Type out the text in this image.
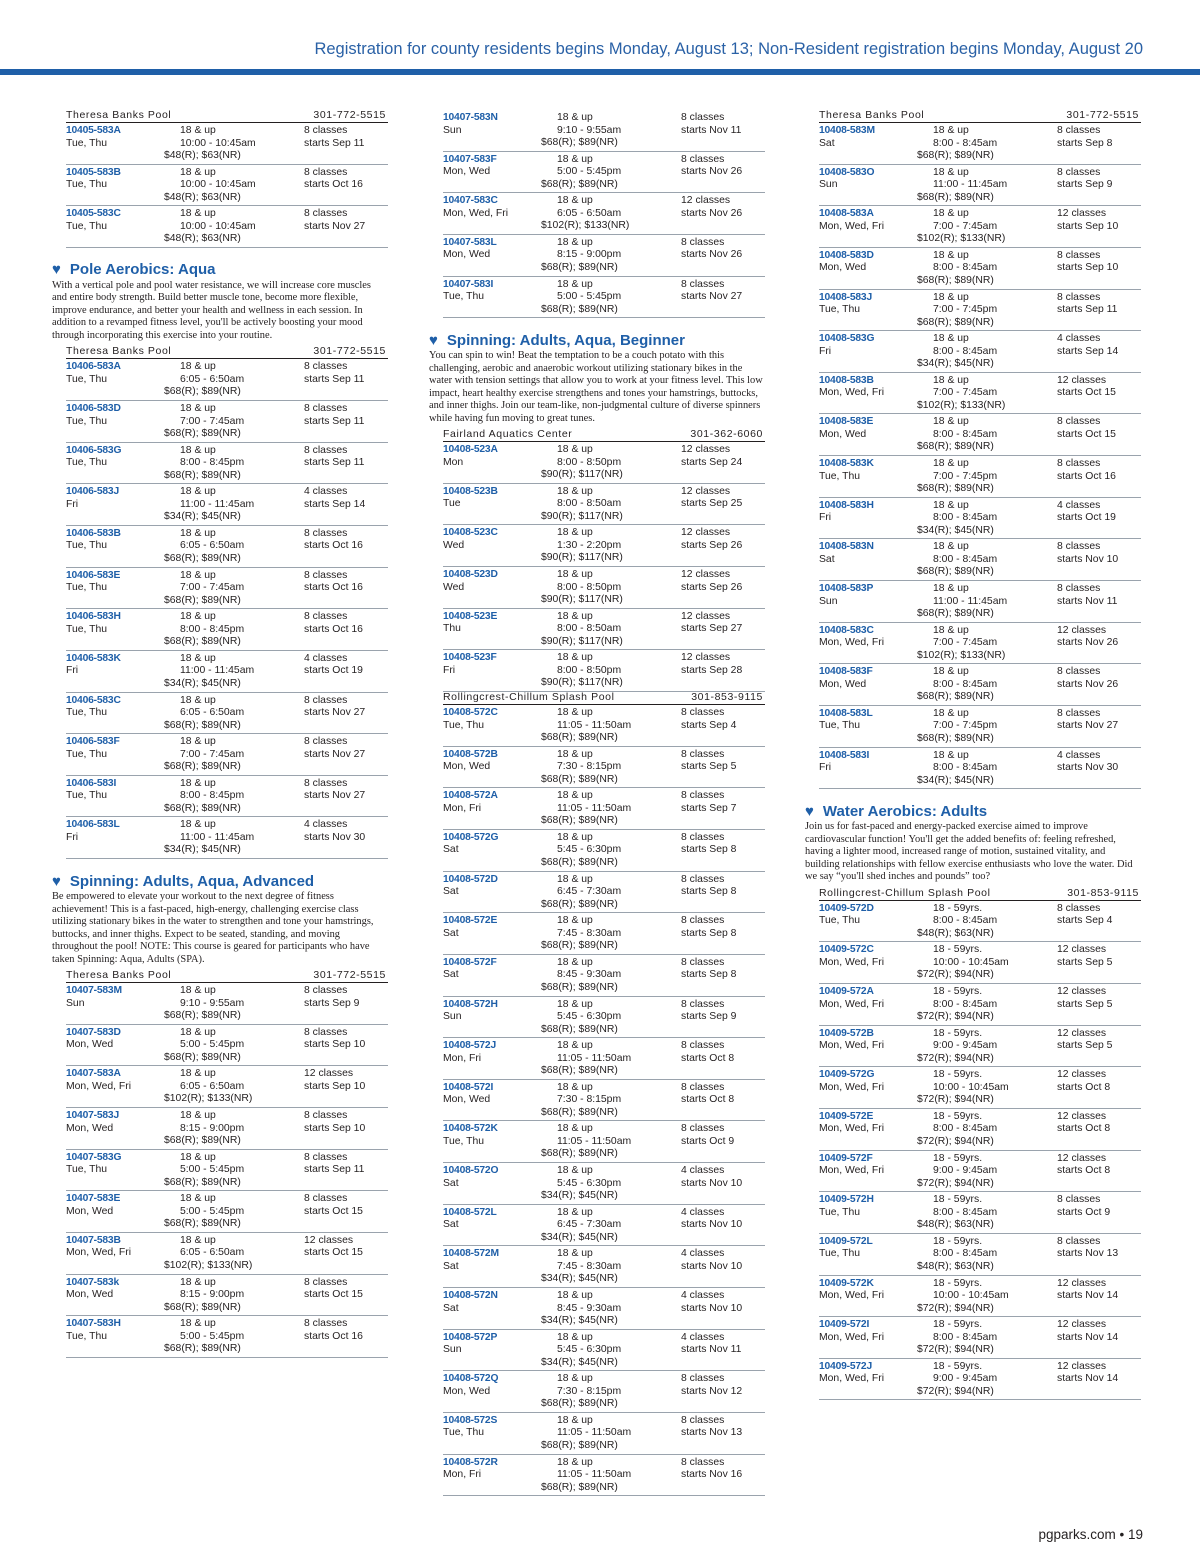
Registration for county residents begins Monday, August 13; Non-Resident registration begins Monday, August 20
Theresa Banks Pool	301-772-5515
10405-583A
Tue, Thu
18 & up
10:00 - 10:45am
$48(R); $63(NR)
8 classes
starts Sep 11
10405-583B
Tue, Thu
18 & up
10:00 - 10:45am
$48(R); $63(NR)
8 classes
starts Oct 16
10405-583C
Tue, Thu
18 & up
10:00 - 10:45am
$48(R); $63(NR)
8 classes
starts Nov 27
♥ Pole Aerobics: Aqua

With a vertical pole and pool water resistance, we will increase core muscles and entire body strength. Build better muscle tone, become more flexible, improve endurance, and better your health and wellness in each session. In addition to a revamped fitness level, you'll be actively boosting your mood through incorporating this exercise into your routine.

Theresa Banks Pool	301-772-5515
10406-583A
Tue, Thu
18 & up
6:05 - 6:50am
$68(R); $89(NR)
8 classes
starts Sep 11
10406-583D
Tue, Thu
18 & up
7:00 - 7:45am
$68(R); $89(NR)
8 classes
starts Sep 11
10406-583G
Tue, Thu
18 & up
8:00 - 8:45pm
$68(R); $89(NR)
8 classes
starts Sep 11
10406-583J
Fri
18 & up
11:00 - 11:45am
$34(R); $45(NR)
4 classes
starts Sep 14
10406-583B
Tue, Thu
18 & up
6:05 - 6:50am
$68(R); $89(NR)
8 classes
starts Oct 16
10406-583E
Tue, Thu
18 & up
7:00 - 7:45am
$68(R); $89(NR)
8 classes
starts Oct 16
10406-583H
Tue, Thu
18 & up
8:00 - 8:45pm
$68(R); $89(NR)
8 classes
starts Oct 16
10406-583K
Fri
18 & up
11:00 - 11:45am
$34(R); $45(NR)
4 classes
starts Oct 19
10406-583C
Tue, Thu
18 & up
6:05 - 6:50am
$68(R); $89(NR)
8 classes
starts Nov 27
10406-583F
Tue, Thu
18 & up
7:00 - 7:45am
$68(R); $89(NR)
8 classes
starts Nov 27
10406-583I
Tue, Thu
18 & up
8:00 - 8:45pm
$68(R); $89(NR)
8 classes
starts Nov 27
10406-583L
Fri
18 & up
11:00 - 11:45am
$34(R); $45(NR)
4 classes
starts Nov 30
♥ Spinning: Adults, Aqua, Advanced

Be empowered to elevate your workout to the next degree of fitness achievement! This is a fast-paced, high-energy, challenging exercise class utilizing stationary bikes in the water to strengthen and tone your hamstrings, buttocks, and inner thighs. Expect to be seated, standing, and moving throughout the pool! NOTE: This course is geared for participants who have taken Spinning: Aqua, Adults (SPA).

Theresa Banks Pool	301-772-5515
10407-583M
Sun
18 & up
9:10 - 9:55am
$68(R); $89(NR)
8 classes
starts Sep 9
10407-583D
Mon, Wed
18 & up
5:00 - 5:45pm
$68(R); $89(NR)
8 classes
starts Sep 10
10407-583A
Mon, Wed, Fri
18 & up
6:05 - 6:50am
$102(R); $133(NR)
12 classes
starts Sep 10
10407-583J
Mon, Wed
18 & up
8:15 - 9:00pm
$68(R); $89(NR)
8 classes
starts Sep 10
10407-583G
Tue, Thu
18 & up
5:00 - 5:45pm
$68(R); $89(NR)
8 classes
starts Sep 11
10407-583E
Mon, Wed
18 & up
5:00 - 5:45pm
$68(R); $89(NR)
8 classes
starts Oct 15
10407-583B
Mon, Wed, Fri
18 & up
6:05 - 6:50am
$102(R); $133(NR)
12 classes
starts Oct 15
10407-583k
Mon, Wed
18 & up
8:15 - 9:00pm
$68(R); $89(NR)
8 classes
starts Oct 15
10407-583H
Tue, Thu
18 & up
5:00 - 5:45pm
$68(R); $89(NR)
8 classes
starts Oct 16
10407-583N
Sun
18 & up
9:10 - 9:55am
$68(R); $89(NR)
8 classes
starts Nov 11
10407-583F
Mon, Wed
18 & up
5:00 - 5:45pm
$68(R); $89(NR)
8 classes
starts Nov 26
10407-583C
Mon, Wed, Fri
18 & up
6:05 - 6:50am
$102(R); $133(NR)
12 classes
starts Nov 26
10407-583L
Mon, Wed
18 & up
8:15 - 9:00pm
$68(R); $89(NR)
8 classes
starts Nov 26
10407-583I
Tue, Thu
18 & up
5:00 - 5:45pm
$68(R); $89(NR)
8 classes
starts Nov 27
♥ Spinning: Adults, Aqua, Beginner

You can spin to win! Beat the temptation to be a couch potato with this challenging, aerobic and anaerobic workout utilizing stationary bikes in the water with tension settings that allow you to work at your fitness level. This low impact, heart healthy exercise strengthens and tones your hamstrings, buttocks, and inner thighs. Join our team-like, non-judgmental culture of diverse spinners while having fun moving to great tunes.

Fairland Aquatics Center	301-362-6060
10408-523A
Mon
18 & up
8:00 - 8:50pm
$90(R); $117(NR)
12 classes
starts Sep 24
10408-523B
Tue
18 & up
8:00 - 8:50am
$90(R); $117(NR)
12 classes
starts Sep 25
10408-523C
Wed
18 & up
1:30 - 2:20pm
$90(R); $117(NR)
12 classes
starts Sep 26
10408-523D
Wed
18 & up
8:00 - 8:50pm
$90(R); $117(NR)
12 classes
starts Sep 26
10408-523E
Thu
18 & up
8:00 - 8:50am
$90(R); $117(NR)
12 classes
starts Sep 27
10408-523F
Fri
18 & up
8:00 - 8:50pm
$90(R); $117(NR)
12 classes
starts Sep 28
Rollingcrest-Chillum Splash Pool	301-853-9115
10408-572C
Tue, Thu
18 & up
11:05 - 11:50am
$68(R); $89(NR)
8 classes
starts Sep 4
10408-572B
Mon, Wed
18 & up
7:30 - 8:15pm
$68(R); $89(NR)
8 classes
starts Sep 5
10408-572A
Mon, Fri
18 & up
11:05 - 11:50am
$68(R); $89(NR)
8 classes
starts Sep 7
10408-572G
Sat
18 & up
5:45 - 6:30pm
$68(R); $89(NR)
8 classes
starts Sep 8
10408-572D
Sat
18 & up
6:45 - 7:30am
$68(R); $89(NR)
8 classes
starts Sep 8
10408-572E
Sat
18 & up
7:45 - 8:30am
$68(R); $89(NR)
8 classes
starts Sep 8
10408-572F
Sat
18 & up
8:45 - 9:30am
$68(R); $89(NR)
8 classes
starts Sep 8
10408-572H
Sun
18 & up
5:45 - 6:30pm
$68(R); $89(NR)
8 classes
starts Sep 9
10408-572J
Mon, Fri
18 & up
11:05 - 11:50am
$68(R); $89(NR)
8 classes
starts Oct 8
10408-572I
Mon, Wed
18 & up
7:30 - 8:15pm
$68(R); $89(NR)
8 classes
starts Oct 8
10408-572K
Tue, Thu
18 & up
11:05 - 11:50am
$68(R); $89(NR)
8 classes
starts Oct 9
10408-572O
Sat
18 & up
5:45 - 6:30pm
$34(R); $45(NR)
4 classes
starts Nov 10
10408-572L
Sat
18 & up
6:45 - 7:30am
$34(R); $45(NR)
4 classes
starts Nov 10
10408-572M
Sat
18 & up
7:45 - 8:30am
$34(R); $45(NR)
4 classes
starts Nov 10
10408-572N
Sat
18 & up
8:45 - 9:30am
$34(R); $45(NR)
4 classes
starts Nov 10
10408-572P
Sun
18 & up
5:45 - 6:30pm
$34(R); $45(NR)
4 classes
starts Nov 11
10408-572Q
Mon, Wed
18 & up
7:30 - 8:15pm
$68(R); $89(NR)
8 classes
starts Nov 12
10408-572S
Tue, Thu
18 & up
11:05 - 11:50am
$68(R); $89(NR)
8 classes
starts Nov 13
10408-572R
Mon, Fri
18 & up
11:05 - 11:50am
$68(R); $89(NR)
8 classes
starts Nov 16
Theresa Banks Pool	301-772-5515
10408-583M
Sat
18 & up
8:00 - 8:45am
$68(R); $89(NR)
8 classes
starts Sep 8
10408-583O
Sun
18 & up
11:00 - 11:45am
$68(R); $89(NR)
8 classes
starts Sep 9
10408-583A
Mon, Wed, Fri
18 & up
7:00 - 7:45am
$102(R); $133(NR)
12 classes
starts Sep 10
10408-583D
Mon, Wed
18 & up
8:00 - 8:45am
$68(R); $89(NR)
8 classes
starts Sep 10
10408-583J
Tue, Thu
18 & up
7:00 - 7:45pm
$68(R); $89(NR)
8 classes
starts Sep 11
10408-583G
Fri
18 & up
8:00 - 8:45am
$34(R); $45(NR)
4 classes
starts Sep 14
10408-583B
Mon, Wed, Fri
18 & up
7:00 - 7:45am
$102(R); $133(NR)
12 classes
starts Oct 15
10408-583E
Mon, Wed
18 & up
8:00 - 8:45am
$68(R); $89(NR)
8 classes
starts Oct 15
10408-583K
Tue, Thu
18 & up
7:00 - 7:45pm
$68(R); $89(NR)
8 classes
starts Oct 16
10408-583H
Fri
18 & up
8:00 - 8:45am
$34(R); $45(NR)
4 classes
starts Oct 19
10408-583N
Sat
18 & up
8:00 - 8:45am
$68(R); $89(NR)
8 classes
starts Nov 10
10408-583P
Sun
18 & up
11:00 - 11:45am
$68(R); $89(NR)
8 classes
starts Nov 11
10408-583C
Mon, Wed, Fri
18 & up
7:00 - 7:45am
$102(R); $133(NR)
12 classes
starts Nov 26
10408-583F
Mon, Wed
18 & up
8:00 - 8:45am
$68(R); $89(NR)
8 classes
starts Nov 26
10408-583L
Tue, Thu
18 & up
7:00 - 7:45pm
$68(R); $89(NR)
8 classes
starts Nov 27
10408-583I
Fri
18 & up
8:00 - 8:45am
$34(R); $45(NR)
4 classes
starts Nov 30
♥ Water Aerobics: Adults

Join us for fast-paced and energy-packed exercise aimed to improve cardiovascular function! You'll get the added benefits of: feeling refreshed, having a lighter mood, increased range of motion, sustained vitality, and building relationships with fellow exercise enthusiasts who love the water. Did we say “you'll shed inches and pounds” too?

Rollingcrest-Chillum Splash Pool	301-853-9115
10409-572D
Tue, Thu
18 - 59yrs.
8:00 - 8:45am
$48(R); $63(NR)
8 classes
starts Sep 4
10409-572C
Mon, Wed, Fri
18 - 59yrs.
10:00 - 10:45am
$72(R); $94(NR)
12 classes
starts Sep 5
10409-572A
Mon, Wed, Fri
18 - 59yrs.
8:00 - 8:45am
$72(R); $94(NR)
12 classes
starts Sep 5
10409-572B
Mon, Wed, Fri
18 - 59yrs.
9:00 - 9:45am
$72(R); $94(NR)
12 classes
starts Sep 5
10409-572G
Mon, Wed, Fri
18 - 59yrs.
10:00 - 10:45am
$72(R); $94(NR)
12 classes
starts Oct 8
10409-572E
Mon, Wed, Fri
18 - 59yrs.
8:00 - 8:45am
$72(R); $94(NR)
12 classes
starts Oct 8
10409-572F
Mon, Wed, Fri
18 - 59yrs.
9:00 - 9:45am
$72(R); $94(NR)
12 classes
starts Oct 8
10409-572H
Tue, Thu
18 - 59yrs.
8:00 - 8:45am
$48(R); $63(NR)
8 classes
starts Oct 9
10409-572L
Tue, Thu
18 - 59yrs.
8:00 - 8:45am
$48(R); $63(NR)
8 classes
starts Nov 13
10409-572K
Mon, Wed, Fri
18 - 59yrs.
10:00 - 10:45am
$72(R); $94(NR)
12 classes
starts Nov 14
10409-572I
Mon, Wed, Fri
18 - 59yrs.
8:00 - 8:45am
$72(R); $94(NR)
12 classes
starts Nov 14
10409-572J
Mon, Wed, Fri
18 - 59yrs.
9:00 - 9:45am
$72(R); $94(NR)
12 classes
starts Nov 14
pgparks.com • 19
